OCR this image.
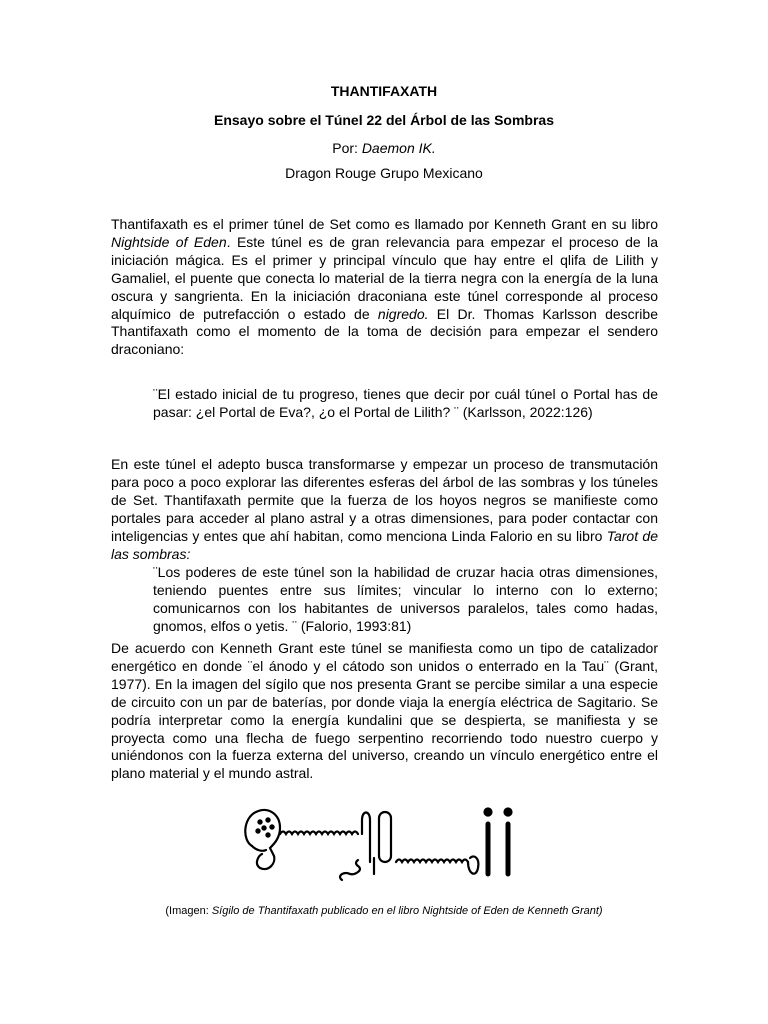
THANTIFAXATH
Ensayo sobre el Túnel 22 del Árbol de las Sombras
Por: Daemon IK.
Dragon Rouge Grupo Mexicano
Thantifaxath es el primer túnel de Set como es llamado por Kenneth Grant en su libro Nightside of Eden. Este túnel es de gran relevancia para empezar el proceso de la iniciación mágica. Es el primer y principal vínculo que hay entre el qlifa de Lilith y Gamaliel, el puente que conecta lo material de la tierra negra con la energía de la luna oscura y sangrienta. En la iniciación draconiana este túnel corresponde al proceso alquímico de putrefacción o estado de nigredo. El Dr. Thomas Karlsson describe Thantifaxath como el momento de la toma de decisión para empezar el sendero draconiano:
¨El estado inicial de tu progreso, tienes que decir por cuál túnel o Portal has de pasar: ¿el Portal de Eva?, ¿o el Portal de Lilith? ¨ (Karlsson, 2022:126)
En este túnel el adepto busca transformarse y empezar un proceso de transmutación para poco a poco explorar las diferentes esferas del árbol de las sombras y los túneles de Set. Thantifaxath permite que la fuerza de los hoyos negros se manifieste como portales para acceder al plano astral y a otras dimensiones, para poder contactar con inteligencias y entes que ahí habitan, como menciona Linda Falorio en su libro Tarot de las sombras:
¨Los poderes de este túnel son la habilidad de cruzar hacia otras dimensiones, teniendo puentes entre sus límites; vincular lo interno con lo externo; comunicarnos con los habitantes de universos paralelos, tales como hadas, gnomos, elfos o yetis. ¨ (Falorio, 1993:81)
De acuerdo con Kenneth Grant este túnel se manifiesta como un tipo de catalizador energético en donde ¨el ánodo y el cátodo son unidos o enterrado en la Tau¨ (Grant, 1977). En la imagen del sígilo que nos presenta Grant se percibe similar a una especie de circuito con un par de baterías, por donde viaja la energía eléctrica de Sagitario. Se podría interpretar como la energía kundalini que se despierta, se manifiesta y se proyecta como una flecha de fuego serpentino recorriendo todo nuestro cuerpo y uniéndonos con la fuerza externa del universo, creando un vínculo energético entre el plano material y el mundo astral.
(Imagen: Sígilo de Thantifaxath publicado en el libro Nightside of Eden de Kenneth Grant)
